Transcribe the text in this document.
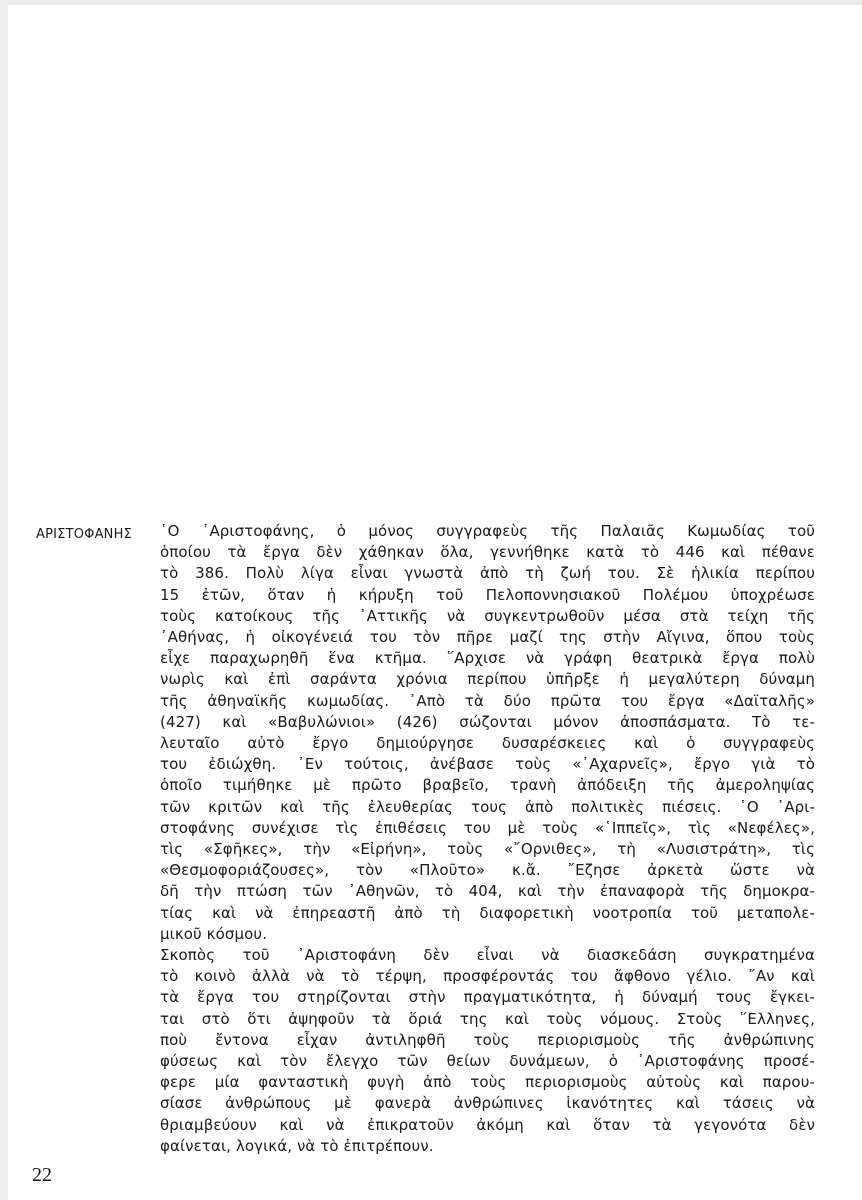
ΑΡΙΣΤΟΦΑΝΗΣ ῾Ο ᾿Αριστοφάνης, ὁ μόνος συγγραφεὺς τῆς Παλαιᾶς Κωμωδίας τοῦ
ὁποίου τὰ ἔργα δὲν χάθηκαν ὅλα, γεννήθηκε κατὰ τὸ 446 καὶ πέθανε
τὸ 386. Πολὺ λίγα εἶναι γνωστὰ ἀπὸ τὴ ζωή του. Σὲ ἡλικία περίπου
15 ἐτῶν, ὅταν ἡ κήρυξη τοῦ Πελοποννησιακοῦ Πολέμου ὑποχρέωσε
τοὺς κατοίκους τῆς ᾿Αττικῆς νὰ συγκεντρωθοῦν μέσα στὰ τείχη τῆς
᾿Αθήνας, ἡ οἰκογένειά του τὸν πῆρε μαζί της στὴν Αἴγινα, ὅπου τοὺς
εἶχε παραχωρηθῆ ἕνα κτῆμα. ῞Αρχισε νὰ γράφη θεατρικὰ ἔργα πολὺ
νωρὶς καὶ ἐπὶ σαράντα χρόνια περίπου ὑπῆρξε ἡ μεγαλύτερη δύναμη
τῆς ἀθηναϊκῆς κωμωδίας. ᾿Απὸ τὰ δύο πρῶτα του ἔργα «Δαϊταλῆς»
(427) καὶ «Βαβυλώνιοι» (426) σώζονται μόνον ἀποσπάσματα. Τὸ τε-
λευταῖο αὐτὸ ἔργο δημιούργησε δυσαρέσκειες καὶ ὁ συγγραφεὺς
του ἐδιώχθη. ᾿Εν τούτοις, ἀνέβασε τοὺς «᾿Αχαρνεῖς», ἔργο γιὰ τὸ
ὁποῖο τιμήθηκε μὲ πρῶτο βραβεῖο, τρανὴ ἀπόδειξη τῆς ἀμεροληψίας
τῶν κριτῶν καὶ τῆς ἐλευθερίας τους ἀπὸ πολιτικὲς πιέσεις. ῾Ο ᾿Αρι-
στοφάνης συνέχισε τὶς ἐπιθέσεις του μὲ τοὺς «῾Ιππεῖς», τὶς «Νεφέλες»,
τὶς «Σφῆκες», τὴν «Εἰρήνη», τοὺς «῎Ορνιθες», τὴ «Λυσιστράτη», τὶς
«Θεσμοφοριάζουσες», τὸν «Πλοῦτο» κ.ἄ. ῎Εζησε ἀρκετὰ ὥστε νὰ
δῆ τὴν πτώση τῶν ᾿Αθηνῶν, τὸ 404, καὶ τὴν ἐπαναφορὰ τῆς δημοκρα-
τίας καὶ νὰ ἐπηρεαστῆ ἀπὸ τὴ διαφορετικὴ νοοτροπία τοῦ μεταπολε-
μικοῦ κόσμου.
Σκοπὸς τοῦ ᾿Αριστοφάνη δὲν εἶναι νὰ διασκεδάση συγκρατημένα
τὸ κοινὸ ἀλλὰ νὰ τὸ τέρψη, προσφέροντάς του ἄφθονο γέλιο. ῎Αν καὶ
τὰ ἔργα του στηρίζονται στὴν πραγματικότητα, ἡ δύναμή τους ἔγκει-
ται στὸ ὅτι ἀψηφοῦν τὰ ὅριά της καὶ τοὺς νόμους. Στοὺς ῞Ελληνες,
ποὺ ἔντονα εἶχαν ἀντιληφθῆ τοὺς περιορισμοὺς τῆς ἀνθρώπινης
φύσεως καὶ τὸν ἔλεγχο τῶν θείων δυνάμεων, ὁ ᾿Αριστοφάνης προσέ-
φερε μία φανταστικὴ φυγὴ ἀπὸ τοὺς περιορισμοὺς αὐτοὺς καὶ παρου-
σίασε ἀνθρώπους μὲ φανερὰ ἀνθρώπινες ἱκανότητες καὶ τάσεις νὰ
θριαμβεύουν καὶ νὰ ἐπικρατοῦν ἀκόμη καὶ ὅταν τὰ γεγονότα δὲν
φαίνεται, λογικά, νὰ τὸ ἐπιτρέπουν.
22
